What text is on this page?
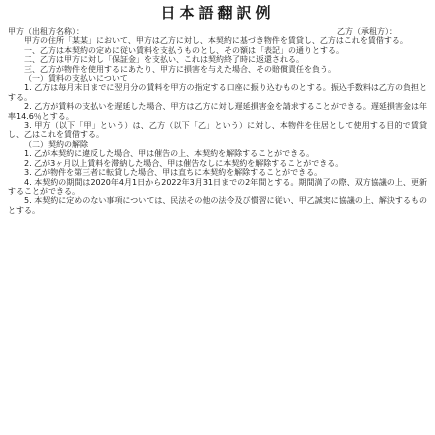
日本語翻訳例
甲方（出租方名称）：	乙方（承租方）：

甲方の住所「某某」において、甲方は乙方に対し、本契約に基づき物件を賃貸し、乙方はこれを賃借する。

一、乙方は本契約の定めに従い賃料を支払うものとし、その額は「表記」の通りとする。

二、乙方は甲方に対し「保証金」を支払い、これは契約終了時に返還される。

三、乙方が物件を使用するにあたり、甲方に損害を与えた場合、その賠償責任を負う。

（一）賃料の支払いについて

1. 乙方は毎月末日までに翌月分の賃料を甲方の指定する口座に振り込むものとする。振込手数料は乙方の負担とする。

2. 乙方が賃料の支払いを遅延した場合、甲方は乙方に対し遅延損害金を請求することができる。遅延損害金は年率14.6％とする。

3. 甲方（以下「甲」という）は、乙方（以下「乙」という）に対し、本物件を住居として使用する目的で賃貸し、乙はこれを賃借する。

（二）契約の解除

1. 乙が本契約に違反した場合、甲は催告の上、本契約を解除することができる。

2. 乙が3ヶ月以上賃料を滞納した場合、甲は催告なしに本契約を解除することができる。

3. 乙が物件を第三者に転貸した場合、甲は直ちに本契約を解除することができる。

4. 本契約の期間は2020年4月1日から2022年3月31日までの2年間とする。期間満了の際、双方協議の上、更新することができる。

5. 本契約に定めのない事項については、民法その他の法令及び慣習に従い、甲乙誠実に協議の上、解決するものとする。
